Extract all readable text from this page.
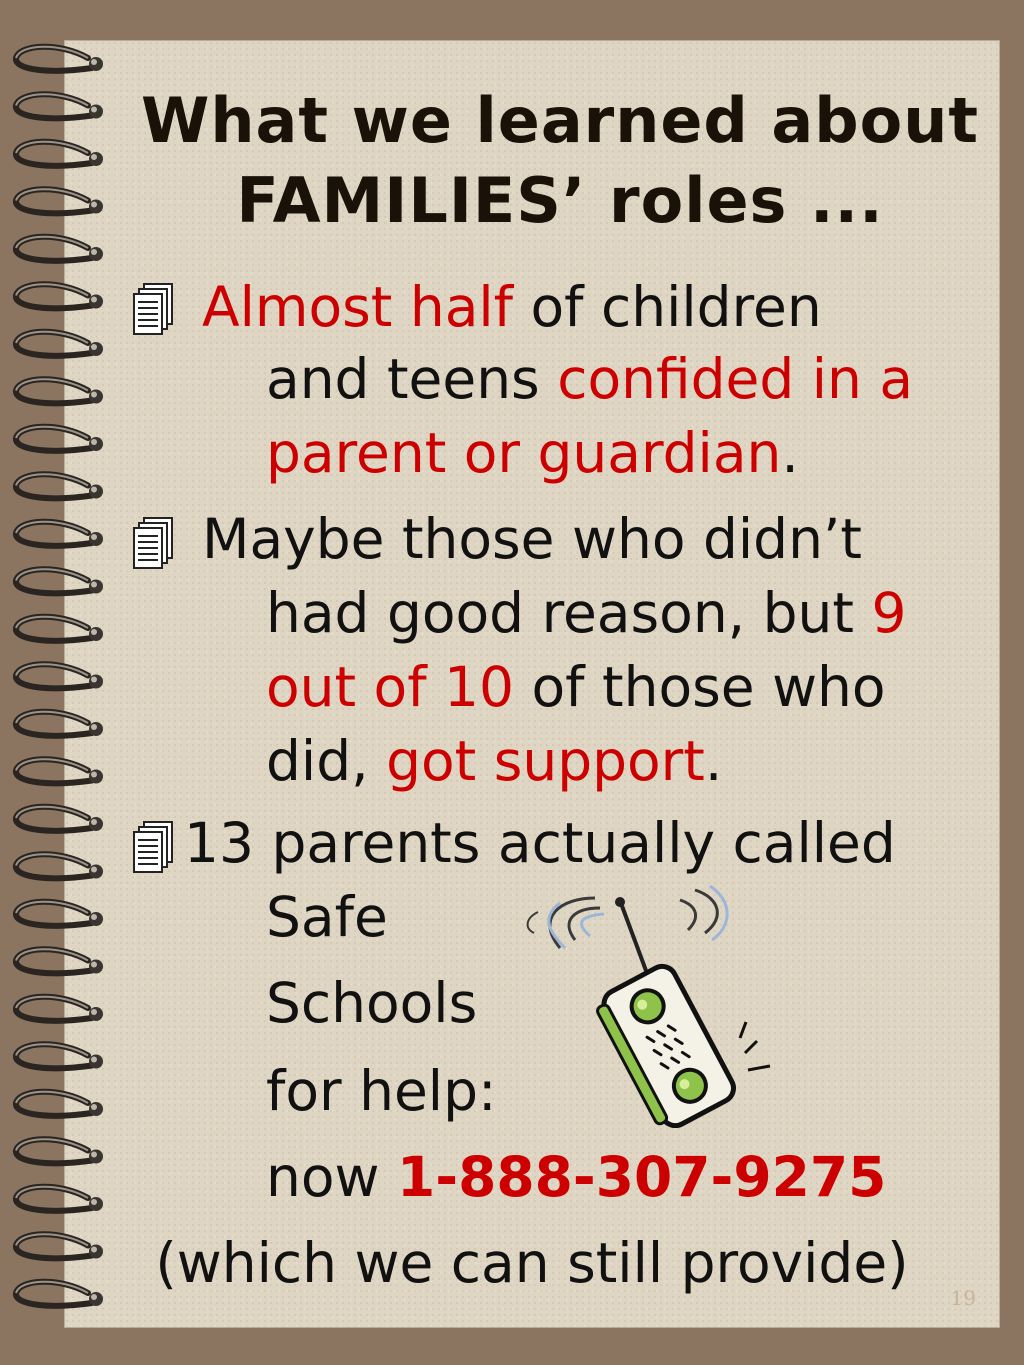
What we learned about
FAMILIES’ roles ...

Almost half of children

and teens confided in a

parent or guardian.

Maybe those who didn’t

had good reason, but 9

out of 10 of those who

did, got support.

13 parents actually called

Safe

Schools

for help:

now 1-888-307-9275

(which we can still provide)

19
